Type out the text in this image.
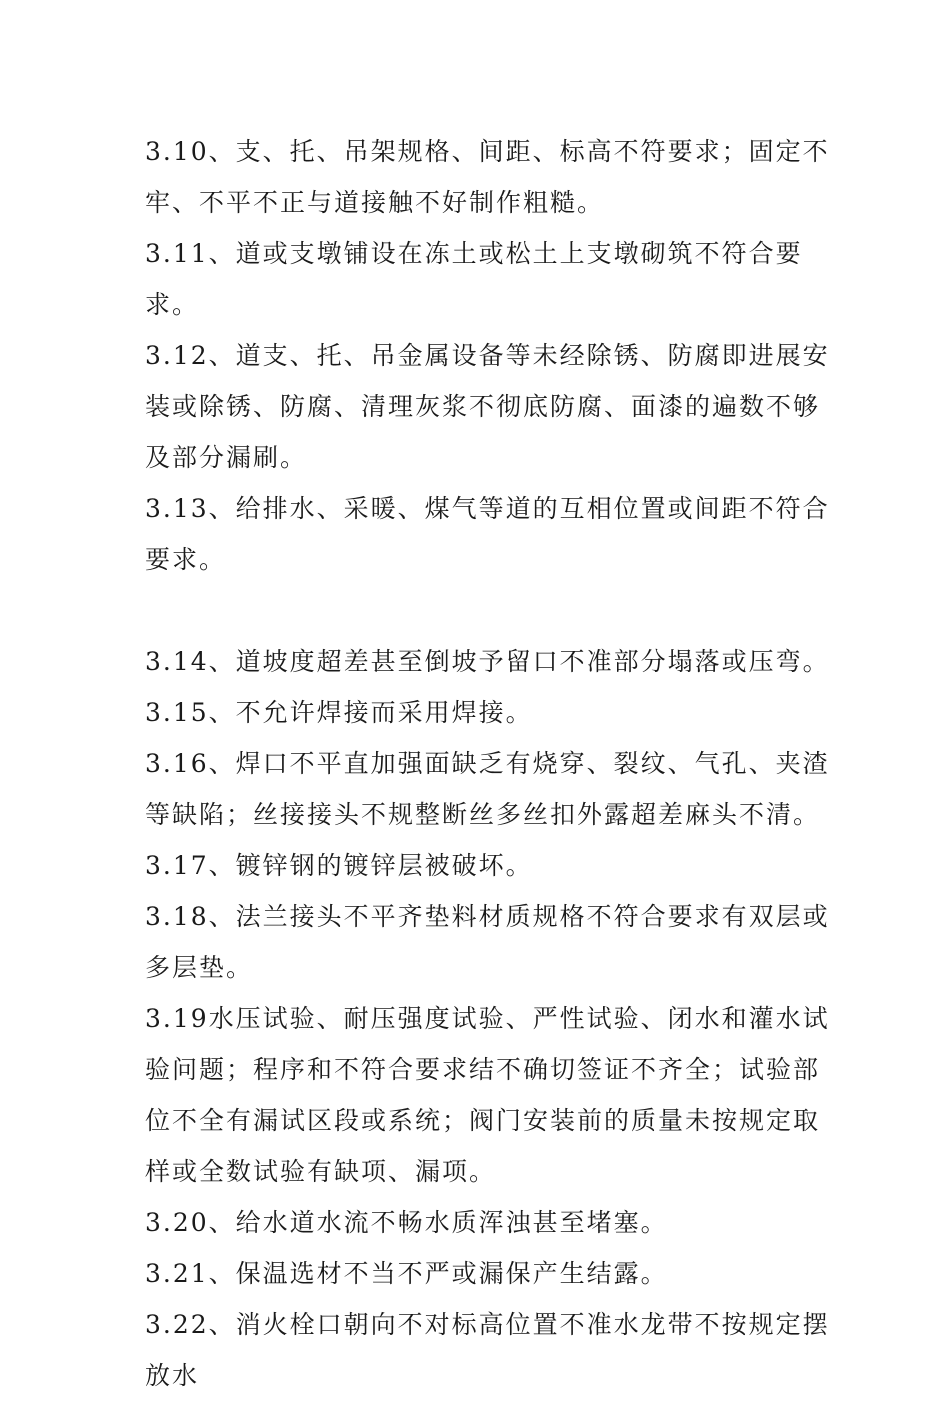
3.10、支、托、吊架规格、间距、标高不符要求；固定不牢、不平不正与道接触不好制作粗糙。

3.11、道或支墩铺设在冻土或松土上支墩砌筑不符合要求。

3.12、道支、托、吊金属设备等未经除锈、防腐即进展安装或除锈、防腐、清理灰浆不彻底防腐、面漆的遍数不够及部分漏刷。

3.13、给排水、采暖、煤气等道的互相位置或间距不符合要求。

3.14、道坡度超差甚至倒坡予留口不准部分塌落或压弯。

3.15、不允许焊接而采用焊接。

3.16、焊口不平直加强面缺乏有烧穿、裂纹、气孔、夹渣等缺陷；丝接接头不规整断丝多丝扣外露超差麻头不清。

3.17、镀锌钢的镀锌层被破坏。

3.18、法兰接头不平齐垫料材质规格不符合要求有双层或多层垫。

3.19水压试验、耐压强度试验、严性试验、闭水和灌水试验问题；程序和不符合要求结不确切签证不齐全；试验部位不全有漏试区段或系统；阀门安装前的质量未按规定取样或全数试验有缺项、漏项。

3.20、给水道水流不畅水质浑浊甚至堵塞。

3.21、保温选材不当不严或漏保产生结露。

3.22、消火栓口朝向不对标高位置不准水龙带不按规定摆放水
